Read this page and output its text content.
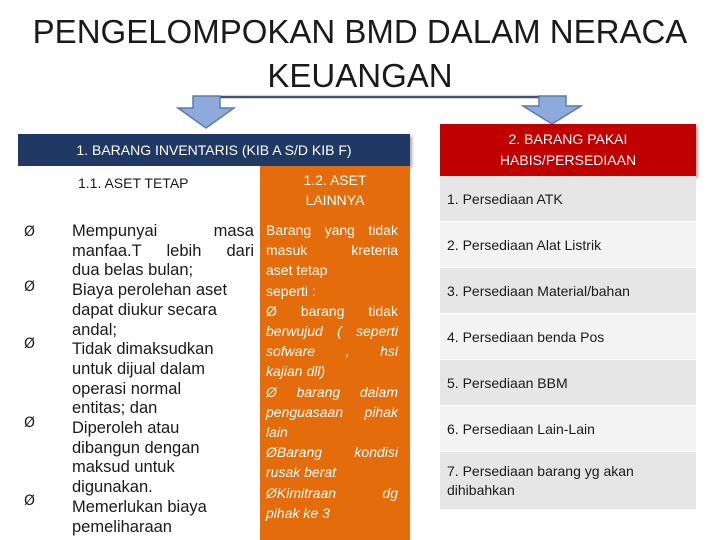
PENGELOMPOKAN BMD DALAM NERACA
KEUANGAN
1. BARANG INVENTARIS (KIB A S/D KIB F)
1.1. ASET TETAP
Ø
Ø
Ø
Ø
Ø
Mempunyai masa
manfaa.T lebih dari
dua belas bulan;
Biaya perolehan aset
dapat diukur secara
andal;
Tidak dimaksudkan
untuk dijual dalam
operasi normal
entitas; dan
Diperoleh atau
dibangun dengan
maksud untuk
digunakan.
Memerlukan biaya
pemeliharaan
1.2. ASET
LAINNYA
Barang yang tidak
masuk kreteria
aset tetap
seperti :
Ø barang tidak
berwujud ( seperti
sofware , hsl
kajian dll)
Ø barang dalam
penguasaan pihak
lain
ØBarang kondisi
rusak berat
ØKimitraan dg
pihak ke 3
2. BARANG PAKAI
HABIS/PERSEDIAAN
1. Persediaan ATK
2. Persediaan Alat Listrik
3. Persediaan Material/bahan
4. Persediaan benda Pos
5. Persediaan BBM
6. Persediaan Lain-Lain
7. Persediaan barang yg akan
dihibahkan
